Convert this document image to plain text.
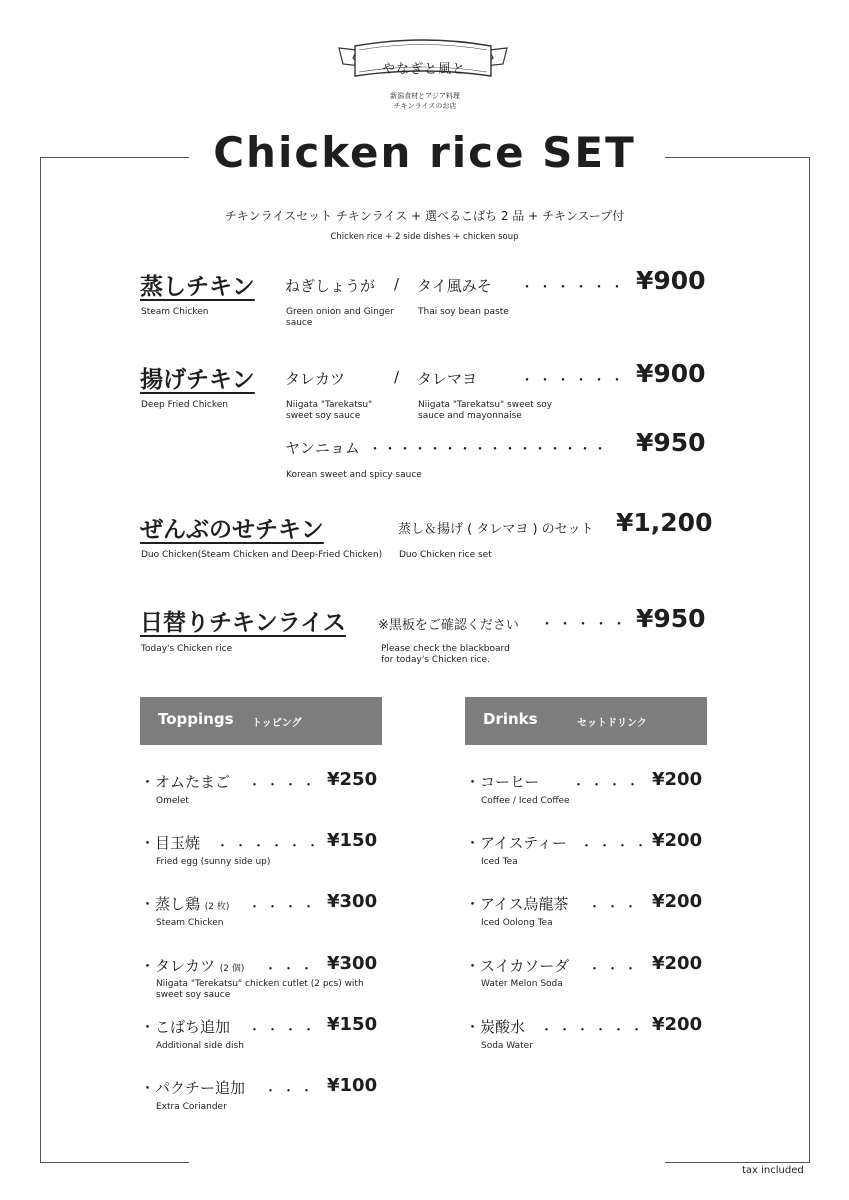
やなぎと風と
新潟食材とアジア料理
チキンライスのお店
Chicken rice SET
チキンライスセット チキンライス + 選べるこばち 2 品 + チキンスープ付
Chicken rice + 2 side dishes + chicken soup
蒸しチキン
Steam Chicken
ねぎしょうが
Green onion and Ginger sauce
/ タイ風みそ
Thai soy bean paste
・・・・・・ ¥900
揚げチキン
Deep Fried Chicken
タレカツ
Niigata "Tarekatsu" sweet soy sauce
/ タレマヨ
Niigata "Tarekatsu" sweet soy sauce and mayonnaise
・・・・・・ ¥900
ヤンニョム
Korean sweet and spicy sauce
・・・・・・・・・・・・・・・・ ¥950
ぜんぶのせチキン
Duo Chicken(Steam Chicken and Deep-Fried Chicken)
蒸し＆揚げ ( タレマヨ ) のセット
Duo Chicken rice set
¥1,200
日替りチキンライス
Today's Chicken rice
※黒板をご確認ください
Please check the blackboard for today's Chicken rice.
・・・・・ ¥950
Toppings トッピング	Drinks	セットドリンク
・オムたまご ・・・・ ¥250
Omelet
・目玉焼 ・・・・・・ ¥150
Fried egg (sunny side up)
・蒸し鶏 (2 枚) ・・・・ ¥300
Steam Chicken
・タレカツ (2 個) ・・・ ¥300
Niigata "Terekatsu" chicken cutlet (2 pcs) with sweet soy sauce
・こばち追加 ・・・・ ¥150
Additional side dish
・パクチー追加 ・・・ ¥100
Extra Coriander
・コーヒー	・・・・ ¥200
Coffee / Iced Coffee
・アイスティー ・・・・ ¥200
Iced Tea
・アイス烏龍茶 ・・・ ¥200
Iced Oolong Tea
・スイカソーダ ・・・ ¥200
Water Melon Soda
・炭酸水 ・・・・・・ ¥200
Soda Water
tax included
